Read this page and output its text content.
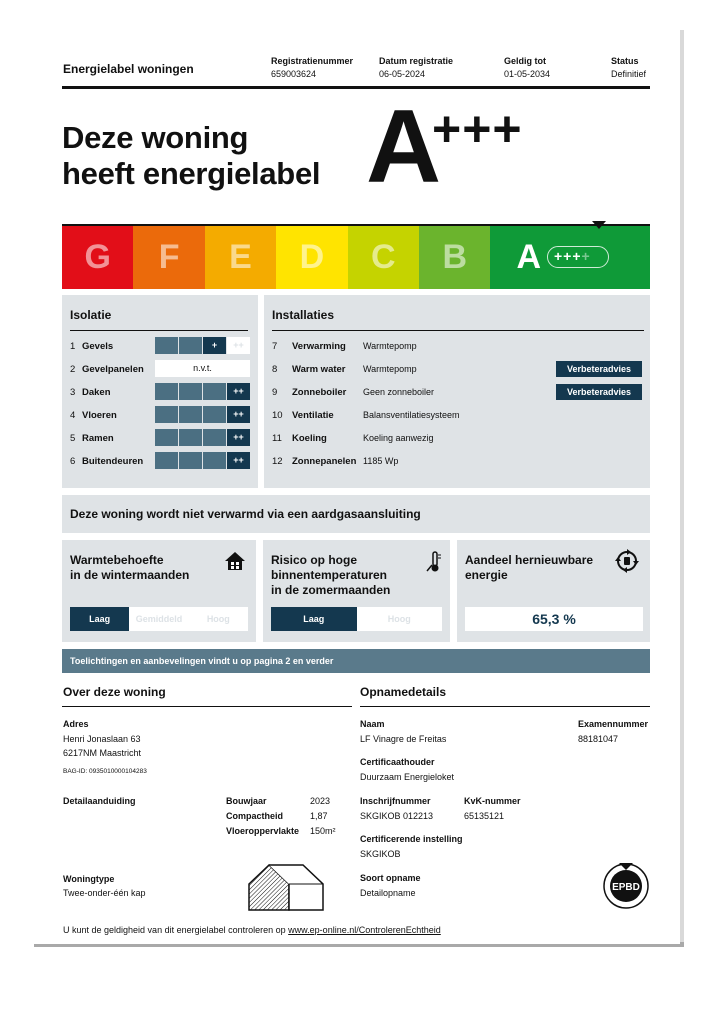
Energielabel woningen
Registratienummer
659003624
Datum registratie
06-05-2024
Geldig tot
01-05-2034
Status
Definitief
Deze woning
heeft energielabel A
+++
G	F	E	D	C	B	A ++++
Isolatie
1 Gevels	+	++
2 Gevelpanelen	n.v.t.
3 Daken	++
4 Vloeren	++
5 Ramen	++
6 Buitendeuren	++
Installaties
7 Verwarming Warmtepomp
8 Warm water Warmtepomp	Verbeteradvies
9 Zonneboiler Geen zonneboiler	Verbeteradvies
10 Ventilatie	Balansventilatiesysteem
11 Koeling	Koeling aanwezig
12 Zonnepanelen 1185 Wp
Deze woning wordt niet verwarmd via een aardgasaansluiting
Warmtebehoefte
in de wintermaanden
Laag	Gemiddeld	Hoog
Risico op hoge
binnentemperaturen
in de zomermaanden
Laag	Hoog
Aandeel hernieuwbare
energie
65,3 %
Toelichtingen en aanbevelingen vindt u op pagina 2 en verder
Over deze woning
Adres
Henri Jonaslaan 63
6217NM Maastricht
BAG-ID: 0935010000104283
Detailaanduiding	Bouwjaar	2023
Compactheid	1,87
Vloeroppervlakte 150m²
Woningtype
Twee-onder-één kap
Opnamedetails
Naam
LF Vinagre de Freitas
Examennummer
88181047
Certificaathouder
Duurzaam Energieloket
Inschrijfnummer
SKGIKOB 012213
KvK-nummer
65135121
Certificerende instelling
SKGIKOB
Soort opname
Detailopname	EPBD
U kunt de geldigheid van dit energielabel controleren op www.ep-online.nl/ControlerenEchtheid
